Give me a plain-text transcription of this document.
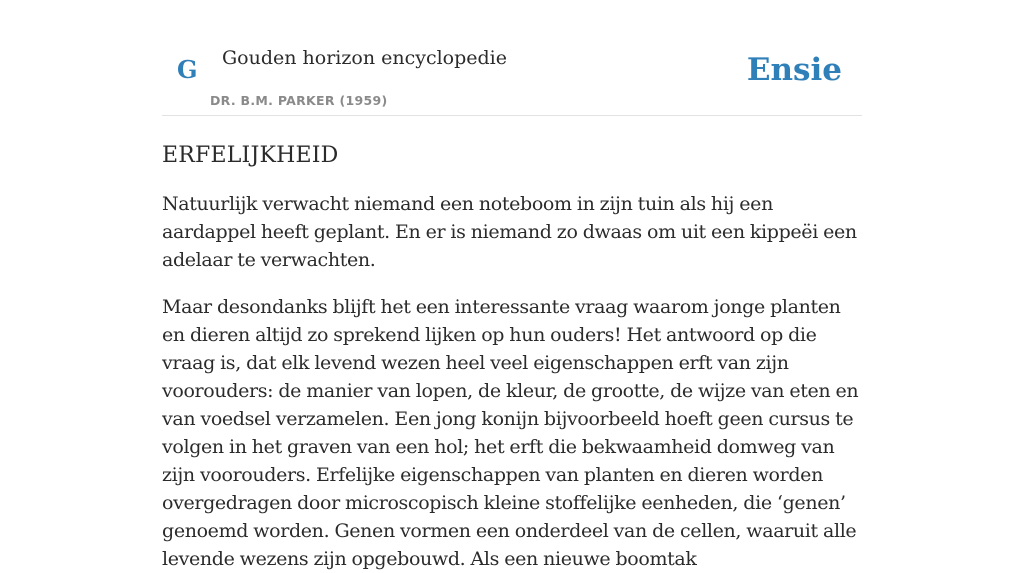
G Gouden horizon encyclopedie
DR. B.M. PARKER (1959)
Ensie
ERFELIJKHEID

Natuurlijk verwacht niemand een noteboom in zijn tuin als hij een aardappel heeft geplant. En er is niemand zo dwaas om uit een kippeëi een adelaar te verwachten.

Maar desondanks blijft het een interessante vraag waarom jonge planten en dieren altijd zo sprekend lijken op hun ouders! Het antwoord op die vraag is, dat elk levend wezen heel veel eigenschappen erft van zijn voorouders: de manier van lopen, de kleur, de grootte, de wijze van eten en van voedsel verzamelen. Een jong konijn bijvoorbeeld hoeft geen cursus te volgen in het graven van een hol; het erft die bekwaamheid domweg van zijn voorouders. Erfelijke eigenschappen van planten en dieren worden overgedragen door microscopisch kleine stoffelijke eenheden, die ‘genen’ genoemd worden. Genen vormen een onderdeel van de cellen, waaruit alle levende wezens zijn opgebouwd. Als een nieuwe boomtak
